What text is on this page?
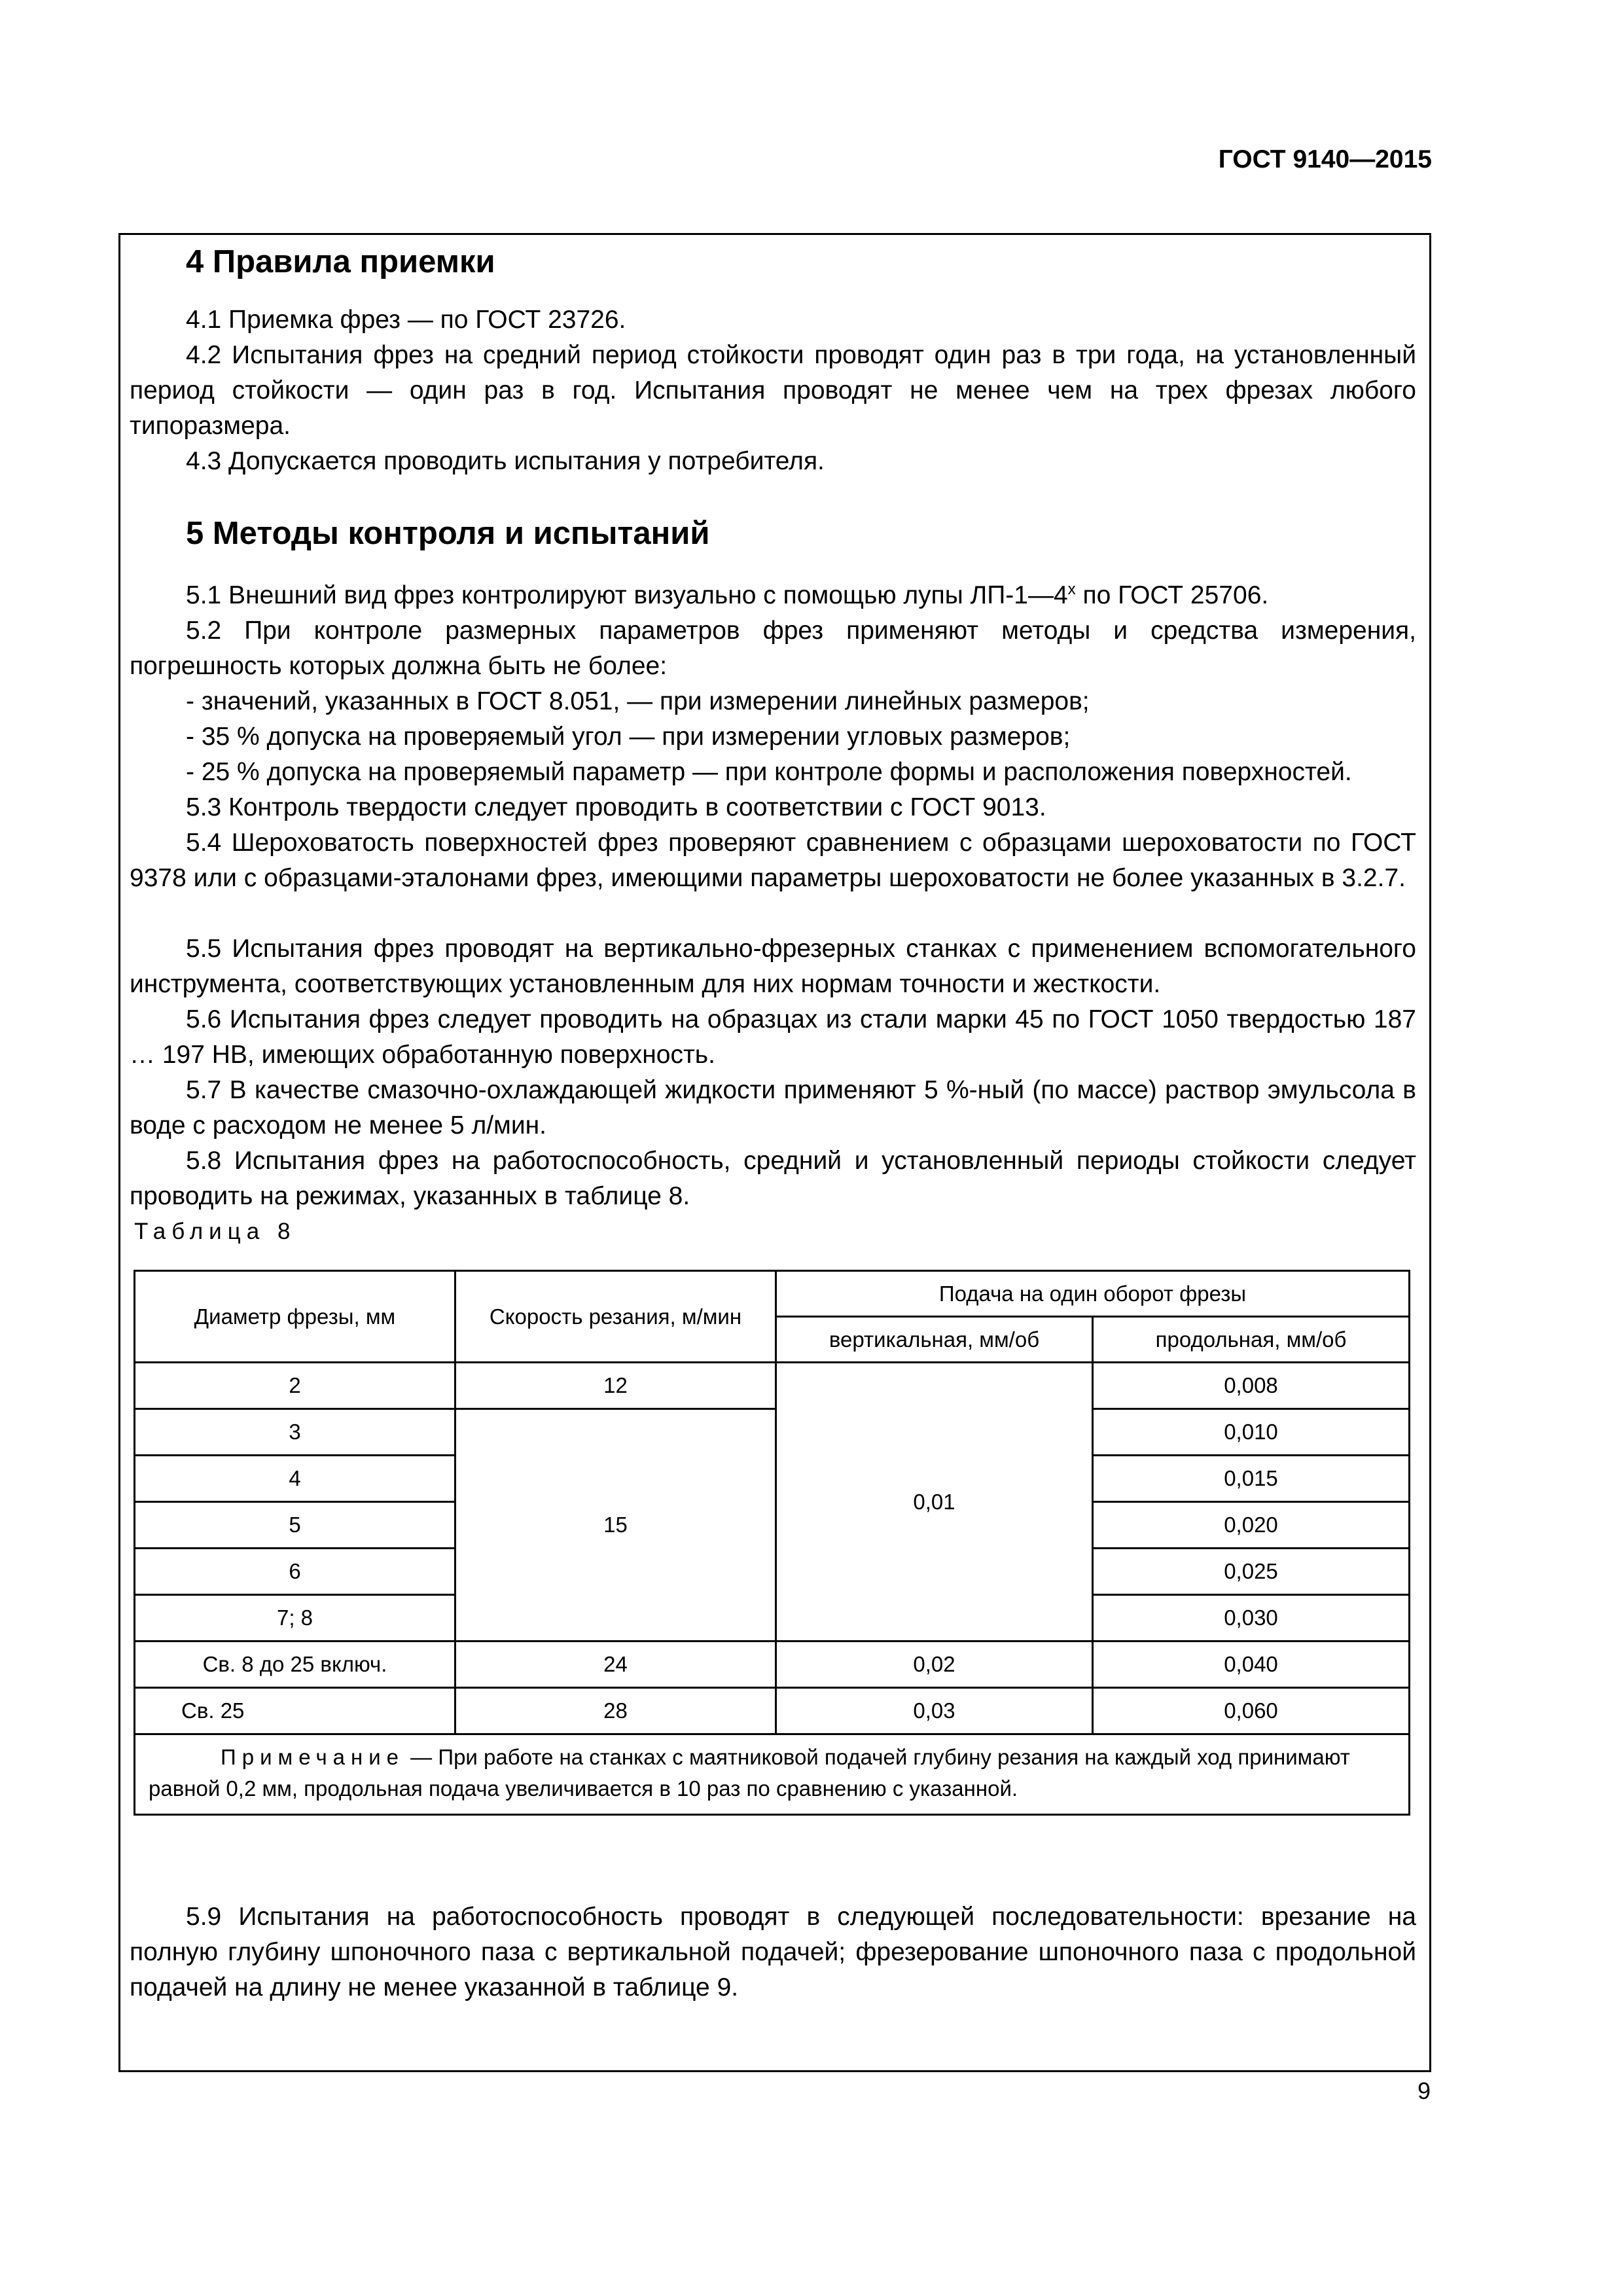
ГОСТ 9140—2015
4 Правила приемки

4.1 Приемка фрез — по ГОСТ 23726.

4.2 Испытания фрез на средний период стойкости проводят один раз в три года, на установленный период стойкости — один раз в год. Испытания проводят не менее чем на трех фрезах любого типоразмера.

4.3 Допускается проводить испытания у потребителя.

5 Методы контроля и испытаний

5.1 Внешний вид фрез контролируют визуально с помощью лупы ЛП-1—4$^x$ по ГОСТ 25706.

5.2 При контроле размерных параметров фрез применяют методы и средства измерения, погрешность которых должна быть не более:

- значений, указанных в ГОСТ 8.051, — при измерении линейных размеров;

- 35 % допуска на проверяемый угол — при измерении угловых размеров;

- 25 % допуска на проверяемый параметр — при контроле формы и расположения поверхностей.

5.3 Контроль твердости следует проводить в соответствии с ГОСТ 9013.

5.4 Шероховатость поверхностей фрез проверяют сравнением с образцами шероховатости по ГОСТ 9378 или с образцами-эталонами фрез, имеющими параметры шероховатости не более указанных в 3.2.7.

5.5 Испытания фрез проводят на вертикально-фрезерных станках с применением вспомогательного инструмента, соответствующих установленным для них нормам точности и жесткости.

5.6 Испытания фрез следует проводить на образцах из стали марки 45 по ГОСТ 1050 твердостью 187 … 197 НВ, имеющих обработанную поверхность.

5.7 В качестве смазочно-охлаждающей жидкости применяют 5 %-ный (по массе) раствор эмульсола в воде с расходом не менее 5 л/мин.

5.8 Испытания фрез на работоспособность, средний и установленный периоды стойкости следует проводить на режимах, указанных в таблице 8.

Таблица 8
Диаметр фрезы, мм	Скорость резания, м/мин	Подача на один оборот фрезы	
		вертикальная, мм/об	продольная, мм/об
2	12	0,01	0,008
3	15		0,010
4			0,015
5			0,020
6			0,025
7; 8			0,030
Св. 8 до 25 включ.	24	0,02	0,040
Св. 25	28	0,03	0,060
Примечание — При работе на станках с маятниковой подачей глубину резания на каждый ход принимают равной 0,2 мм, продольная подача увеличивается в 10 раз по сравнению с указанной.			

5.9 Испытания на работоспособность проводят в следующей последовательности: врезание на полную глубину шпоночного паза с вертикальной подачей; фрезерование шпоночного паза с продольной подачей на длину не менее указанной в таблице 9.

9
